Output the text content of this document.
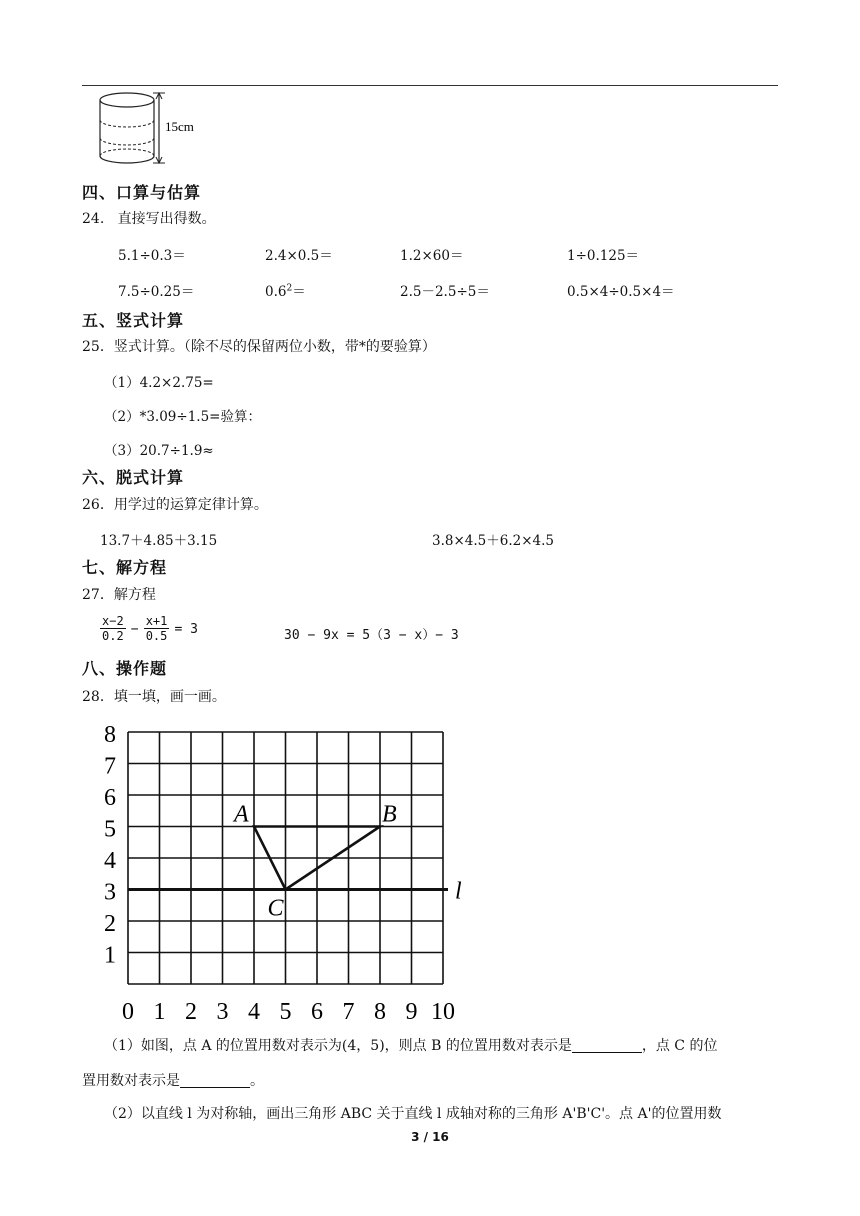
15cm
四、口算与估算
24. 直接写出得数。
5.1÷0.3＝	2.4×0.5＝	1.2×60＝	1÷0.125＝
7.5÷0.25＝	$0.6^2=$	2.5－2.5÷5＝	0.5×4÷0.5×4＝
五、竖式计算
25．竖式计算。（除不尽的保留两位小数，带*的要验算）
（1）4.2×2.75=
（2）*3.09÷1.5=验算：
（3）20.7÷1.9≈
六、脱式计算
26．用学过的运算定律计算。
13.7＋4.85＋3.15	3.8×4.5＋6.2×4.5
七、解方程
27．解方程
$\frac{x-2}{0.2} - \frac{x+1}{0.5} = 3$	30 − 9x = 5（3 − x）− 3
八、操作题
28．填一填，画一画。
8
7
6
5
4
3
2
1
0 1 2 3 4 5 6 7 8 9 10
l
A	B
C
（1）如图，点 A 的位置用数对表示为(4，5)，则点 B 的位置用数对表示是	，点 C 的位
置用数对表示是	。
（2）以直线 l 为对称轴，画出三角形 ABC 关于直线 l 成轴对称的三角形 A'B'C'。点 A'的位置用数
3 / 16
